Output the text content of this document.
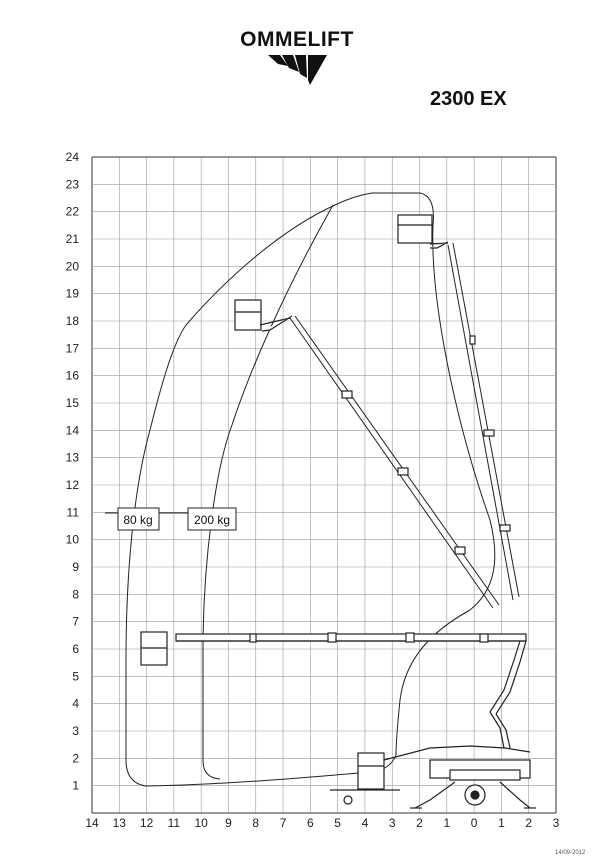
OMMELIFT
2300 EX
14 13 12 11 10 9 8 7 6 5 4 3 2 1 0 1 2 3
1
2
3
4
5
6
7
8
9
10
11
12
13
14
15
16
17
18
19
20
21
22
23
24
80 kg	200 kg
14/09-2012
